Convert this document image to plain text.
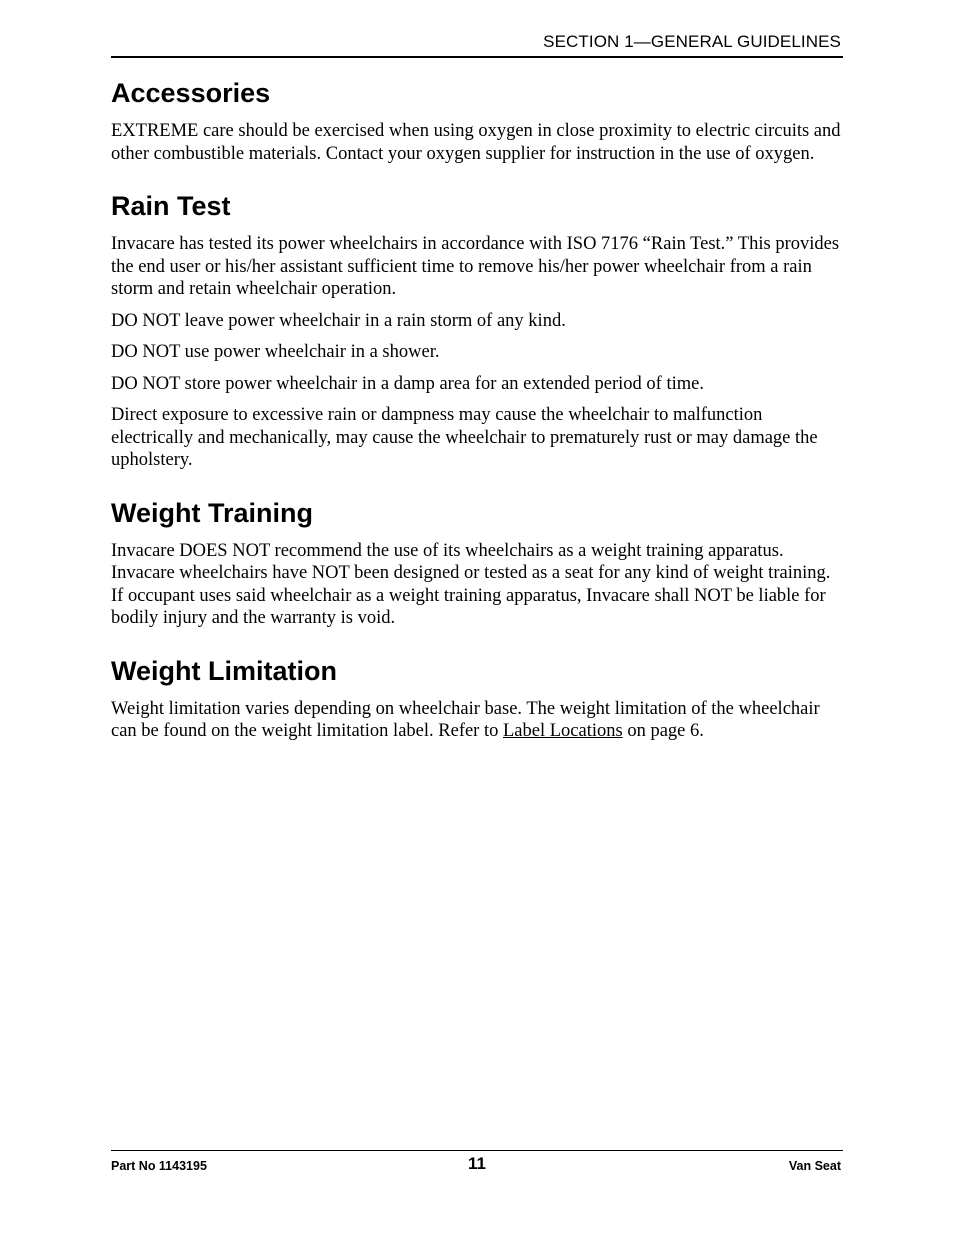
SECTION 1—GENERAL GUIDELINES
Accessories

EXTREME care should be exercised when using oxygen in close proximity to electric circuits and other combustible materials. Contact your oxygen supplier for instruction in the use of oxygen.

Rain Test

Invacare has tested its power wheelchairs in accordance with ISO 7176 “Rain Test.” This provides the end user or his/her assistant sufficient time to remove his/her power wheelchair from a rain storm and retain wheelchair operation.

DO NOT leave power wheelchair in a rain storm of any kind.

DO NOT use power wheelchair in a shower.

DO NOT store power wheelchair in a damp area for an extended period of time.

Direct exposure to excessive rain or dampness may cause the wheelchair to malfunction electrically and mechanically, may cause the wheelchair to prematurely rust or may damage the upholstery.

Weight Training

Invacare DOES NOT recommend the use of its wheelchairs as a weight training apparatus. Invacare wheelchairs have NOT been designed or tested as a seat for any kind of weight training. If occupant uses said wheelchair as a weight training apparatus, Invacare shall NOT be liable for bodily injury and the warranty is void.

Weight Limitation

Weight limitation varies depending on wheelchair base. The weight limitation of the wheelchair can be found on the weight limitation label. Refer to Label Locations on page 6.

Part No 1143195	11	Van Seat
